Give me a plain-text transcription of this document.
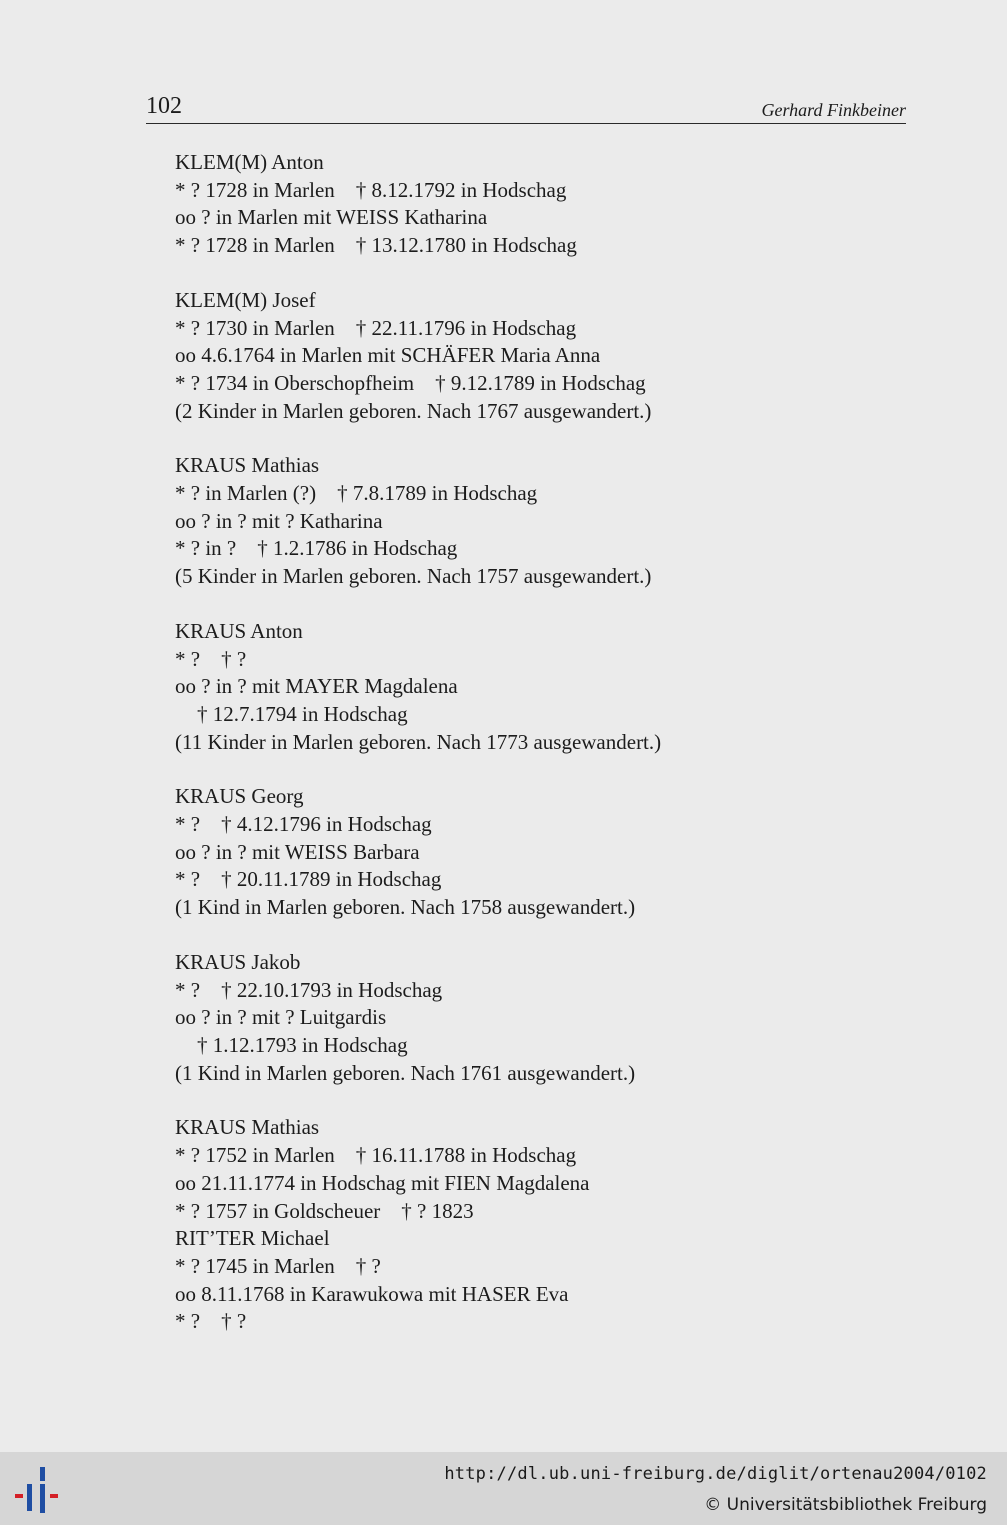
102	Gerhard Finkbeiner
KLEM(M) Anton
* ? 1728 in Marlen    † 8.12.1792 in Hodschag
oo ? in Marlen mit WEISS Katharina
* ? 1728 in Marlen    † 13.12.1780 in Hodschag
KLEM(M) Josef
* ? 1730 in Marlen    † 22.11.1796 in Hodschag
oo 4.6.1764 in Marlen mit SCHÄFER Maria Anna
* ? 1734 in Oberschopfheim    † 9.12.1789 in Hodschag
(2 Kinder in Marlen geboren. Nach 1767 ausgewandert.)
KRAUS Mathias
* ? in Marlen (?)    † 7.8.1789 in Hodschag
oo ? in ? mit ? Katharina
* ? in ?    † 1.2.1786 in Hodschag
(5 Kinder in Marlen geboren. Nach 1757 ausgewandert.)
KRAUS Anton
* ?    † ?
oo ? in ? mit MAYER Magdalena
† 12.7.1794 in Hodschag
(11 Kinder in Marlen geboren. Nach 1773 ausgewandert.)
KRAUS Georg
* ?    † 4.12.1796 in Hodschag
oo ? in ? mit WEISS Barbara
* ?    † 20.11.1789 in Hodschag
(1 Kind in Marlen geboren. Nach 1758 ausgewandert.)
KRAUS Jakob
* ?    † 22.10.1793 in Hodschag
oo ? in ? mit ? Luitgardis
† 1.12.1793 in Hodschag
(1 Kind in Marlen geboren. Nach 1761 ausgewandert.)
KRAUS Mathias
* ? 1752 in Marlen    † 16.11.1788 in Hodschag
oo 21.11.1774 in Hodschag mit FIEN Magdalena
* ? 1757 in Goldscheuer    † ? 1823
RIT’TER Michael
* ? 1745 in Marlen    † ?
oo 8.11.1768 in Karawukowa mit HASER Eva
* ?    † ?
http://dl.ub.uni-freiburg.de/diglit/ortenau2004/0102
© Universitätsbibliothek Freiburg
